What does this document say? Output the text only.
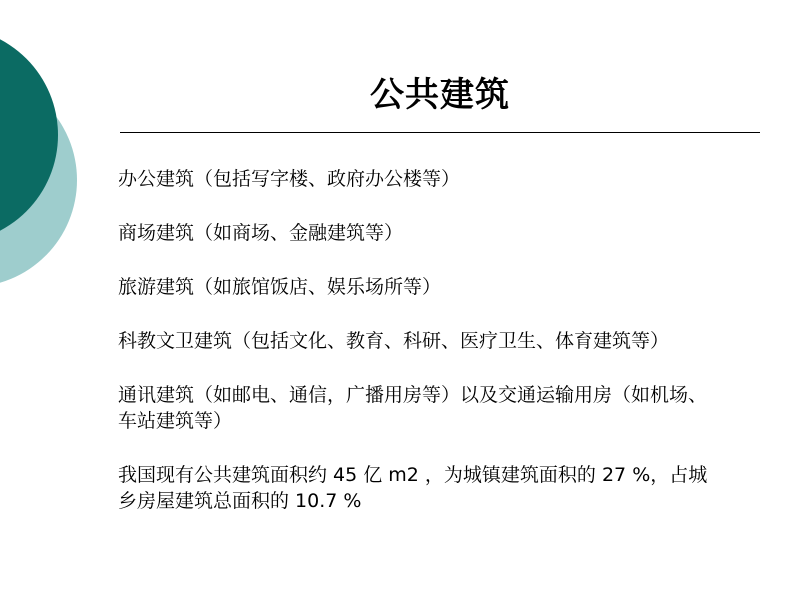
公共建筑
办公建筑（包括写字楼、政府办公楼等）
商场建筑（如商场、金融建筑等）
旅游建筑（如旅馆饭店、娱乐场所等）
科教文卫建筑（包括文化、教育、科研、医疗卫生、体育建筑等）
通讯建筑（如邮电、通信，广播用房等）以及交通运输用房（如机场、车站建筑等）
我国现有公共建筑面积约 45 亿 m2 ，为城镇建筑面积的 27 %，占城乡房屋建筑总面积的 10.7 %
